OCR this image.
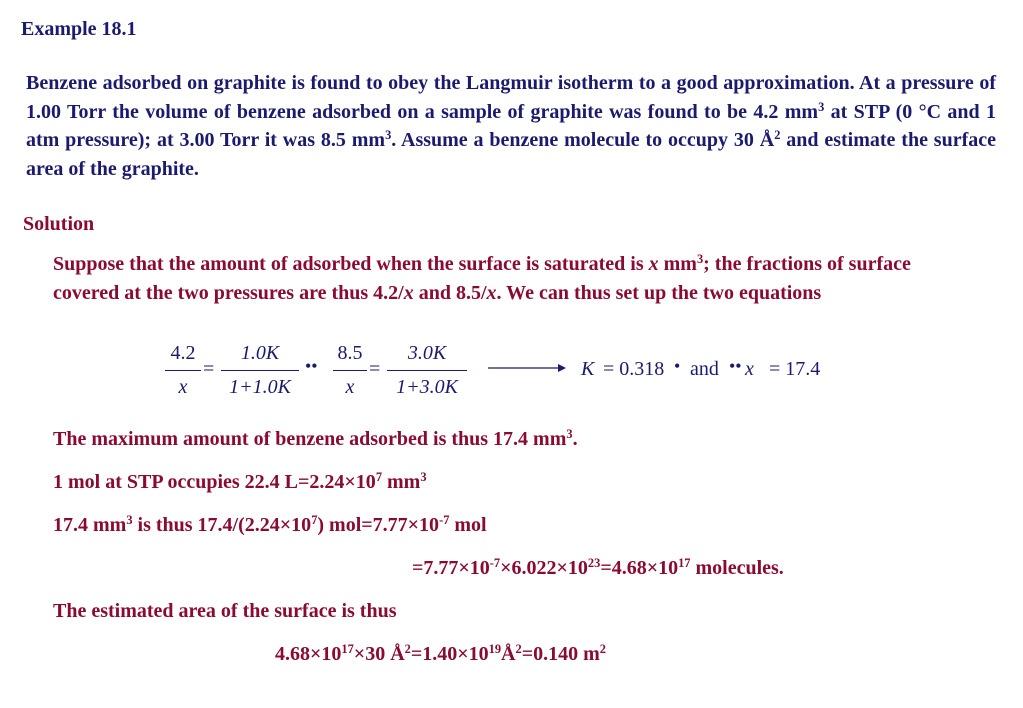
Example 18.1
Benzene adsorbed on graphite is found to obey the Langmuir isotherm to a good approximation. At a pressure of 1.00 Torr the volume of benzene adsorbed on a sample of graphite was found to be 4.2 $mm^3$ at STP (0 °C and 1 atm pressure); at 3.00 Torr it was 8.5 $mm^3$. Assume a benzene molecule to occupy 30 $Å^2$ and estimate the surface area of the graphite.
Solution
Suppose that the amount of adsorbed when the surface is saturated is x $mm^3$; the fractions of surface covered at the two pressures are thus 4.2/x and 8.5/x. We can thus set up the two equations
4.2
x
=
1.0K
1+1.0K
••
8.5
x
=
3.0K
1+3.0K
K = 0.318 • and •• x = 17.4
The maximum amount of benzene adsorbed is thus 17.4 $mm^3$.
1 mol at STP occupies 22.4 $L=2.24\times 10^7$ $mm^3$
17.4 $mm^3$ is thus $17.4/(2.24\times 10^7)$ $mol=7.77\times 10^{-7}$ mol
$=7.77\times 10^{-7}\times 6.022\times 10^{23}=4.68\times 10^{17}$ molecules.
The estimated area of the surface is thus
$4.68\times 10^{17}\times 30$ $Å^2=1.40\times 10^{19}Å^2=0.140$ $m^2$
